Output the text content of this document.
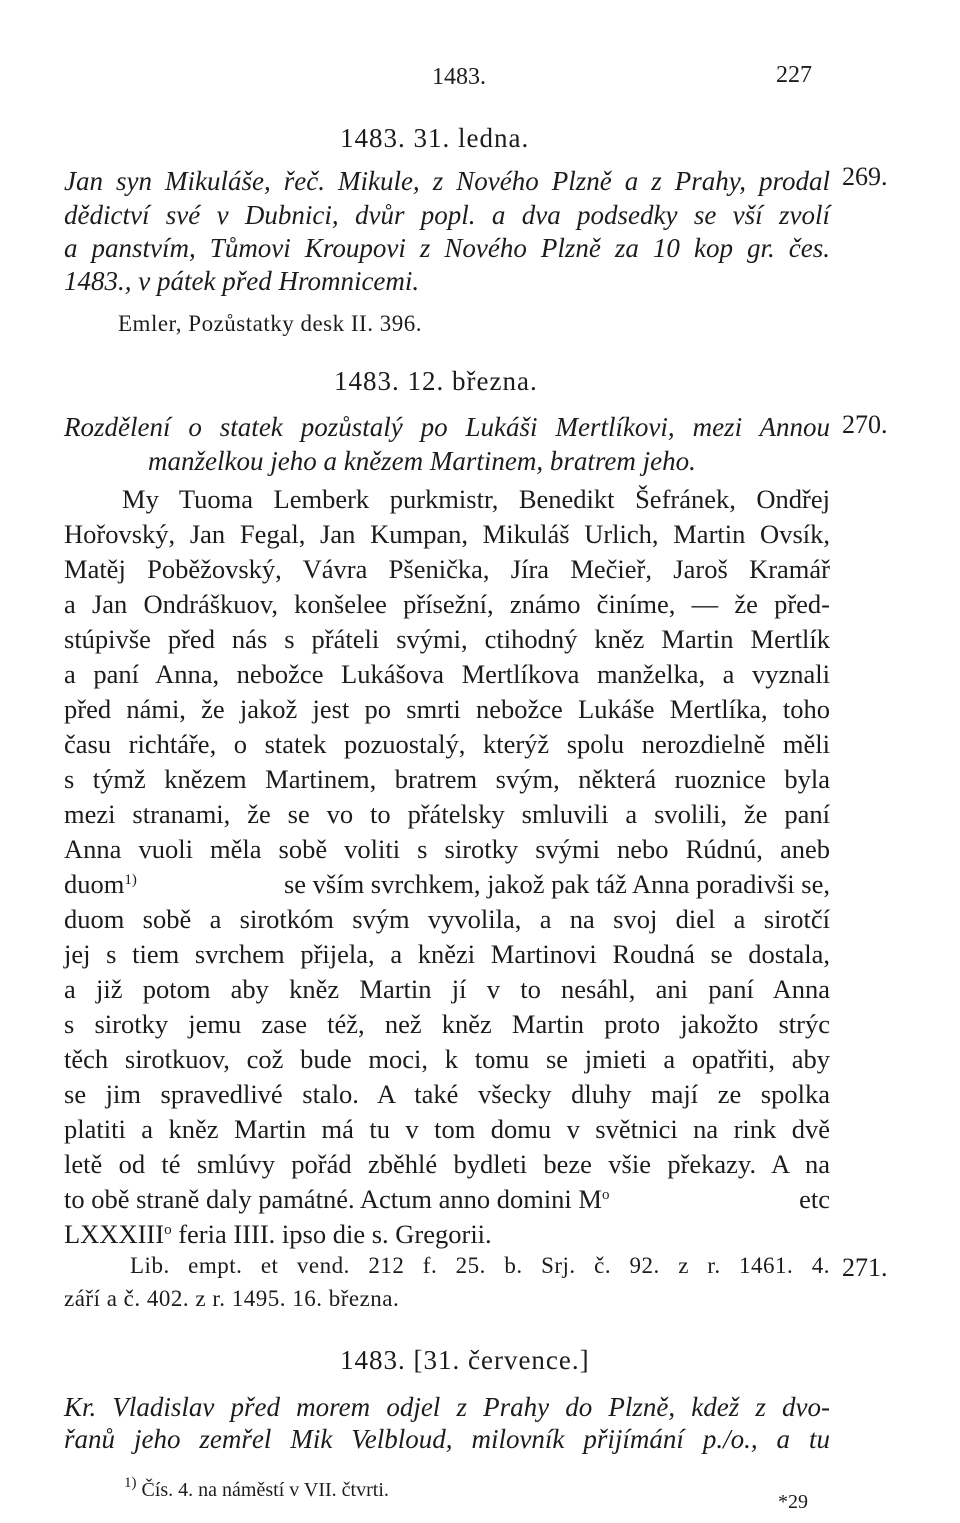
1483.	227
1483. 31. ledna.
269.
Jan syn Mikuláše, řeč. Mikule, z Nového Plzně a z Prahy, prodal
dědictví své v Dubnici, dvůr popl. a dva podsedky se vší zvolí
a panstvím, Tůmovi Kroupovi z Nového Plzně za 10 kop gr. čes.
1483., v pátek před Hromnicemi.
Emler, Pozůstatky desk II. 396.
1483. 12. března.
270.
Rozdělení o statek pozůstalý po Lukáši Mertlíkovi, mezi Annou
manželkou jeho a knězem Martinem, bratrem jeho.
My Tuoma Lemberk purkmistr, Benedikt Šefránek, Ondřej
Hořovský, Jan Fegal, Jan Kumpan, Mikuláš Urlich, Martin Ovsík,
Matěj Poběžovský, Vávra Pšenička, Jíra Mečieř, Jaroš Kramář
a Jan Ondráškuov, konšelee přísežní, známo činíme, — že před-
stúpivše před nás s přáteli svými, ctihodný kněz Martin Mertlík
a paní Anna, nebožce Lukášova Mertlíkova manželka, a vyznali
před námi, že jakož jest po smrti nebožce Lukáše Mertlíka, toho
času richtáře, o statek pozuostalý, kterýž spolu nerozdielně měli
s týmž knězem Martinem, bratrem svým, některá ruoznice byla
mezi stranami, že se vo to přátelsky smluvili a svolili, že paní
Anna vuoli měla sobě voliti s sirotky svými nebo Rúdnú, aneb
duom$^{1)}$	se vším svrchkem, jakož pak táž Anna poradivši se,
duom sobě a sirotkóm svým vyvolila, a na svoj diel a sirotčí
jej s tiem svrchem přijela, a knězi Martinovi Roudná se dostala,
a již potom aby kněz Martin jí v to nesáhl, ani paní Anna
s sirotky jemu zase též, než kněz Martin proto jakožto strýc
těch sirotkuov, což bude moci, k tomu se jmieti a opatřiti, aby
se jim spravedlivé stalo. A také všecky dluhy mají ze spolka
platiti a kněz Martin má tu v tom domu v světnici na rink dvě
letě od té smlúvy pořád zběhlé bydleti beze všie překazy. A na
to obě straně daly památné. Actum anno domini $M^o$	etc
LXXXIII$^o$ feria IIII. ipso die s. Gregorii.
Lib. empt. et vend. 212 f. 25. b. Srj. č. 92. z r. 1461. 4. 271.
září a č. 402. z r. 1495. 16. března.
1483. [31. července.]
Kr. Vladislav před morem odjel z Prahy do Plzně, kdež z dvo-
řanů jeho zemřel Mik Velbloud, milovník přijímání p./o., a tu
$^{1)}$ Čís. 4. na náměstí v VII. čtvrti.
*29
